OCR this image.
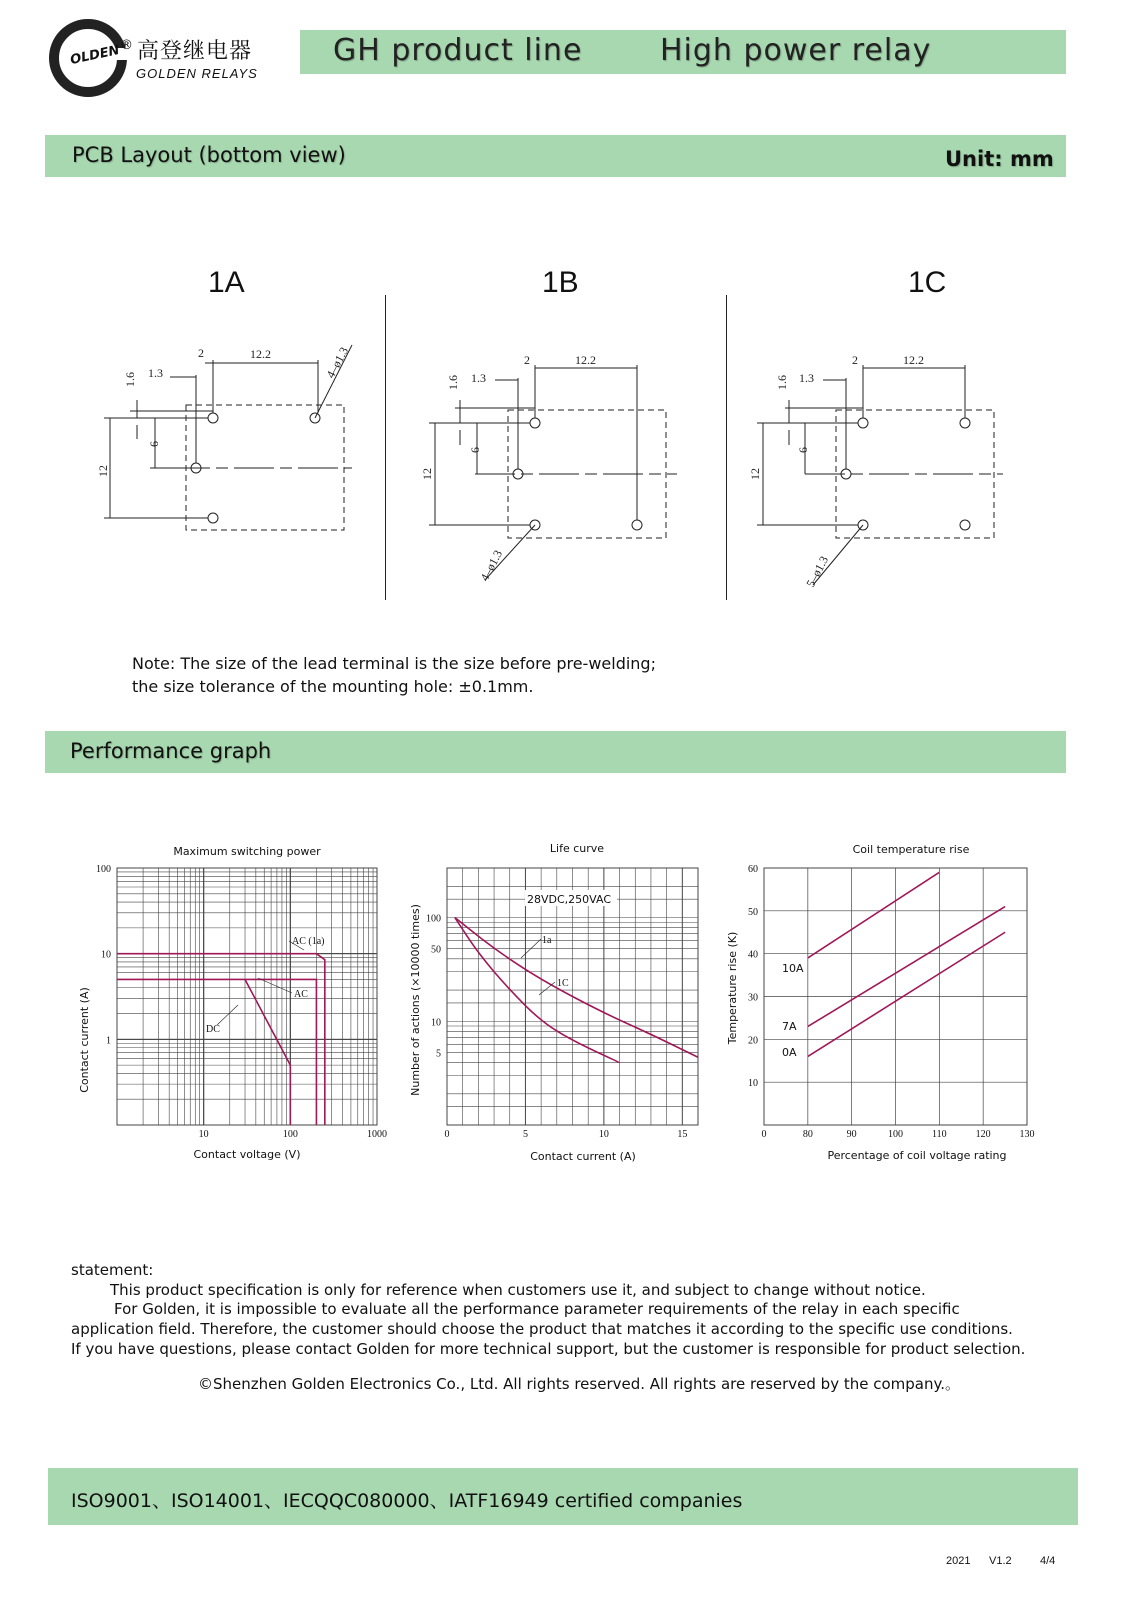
OLDEN ® 高登继电器
GOLDEN RELAYS
GH product line	High power relay
PCB Layout (bottom view)	Unit: mm
1A	1B	1C
2	12.2
1.3
1.6
6
12
4–ø1.3	2	12.2
1.3
1.6
6
12
4–ø1.3
2	12.2
1.3
1.6
6
12
5–ø1.3
Note: The size of the lead terminal is the size before pre-welding;
the size tolerance of the mounting hole: ±0.1mm.
Performance graph
Maximum switching power
10	100	1000
100
10
1
AC (1a)
AC
DC
Contact voltage (V)
Contact current (A)
Life curve
0	5	10	15
100
50
10
5
28VDC,250VAC
1a
1C
Contact current (A)
Number of actions (×10000 times)
Coil temperature rise
0	80	90	100	110	120	130
60
50
40
30
20
10
10A
7A
0A
Percentage of coil voltage rating
Temperature rise (K)
statement:
This product specification is only for reference when customers use it, and subject to change without notice.
For Golden, it is impossible to evaluate all the performance parameter requirements of the relay in each specific
application field. Therefore, the customer should choose the product that matches it according to the specific use conditions.
If you have questions, please contact Golden for more technical support, but the customer is responsible for product selection.
©Shenzhen Golden Electronics Co., Ltd. All rights reserved. All rights are reserved by the company.。
ISO9001、ISO14001、IECQQC080000、IATF16949 certified companies
2021 V1.2	4/4
